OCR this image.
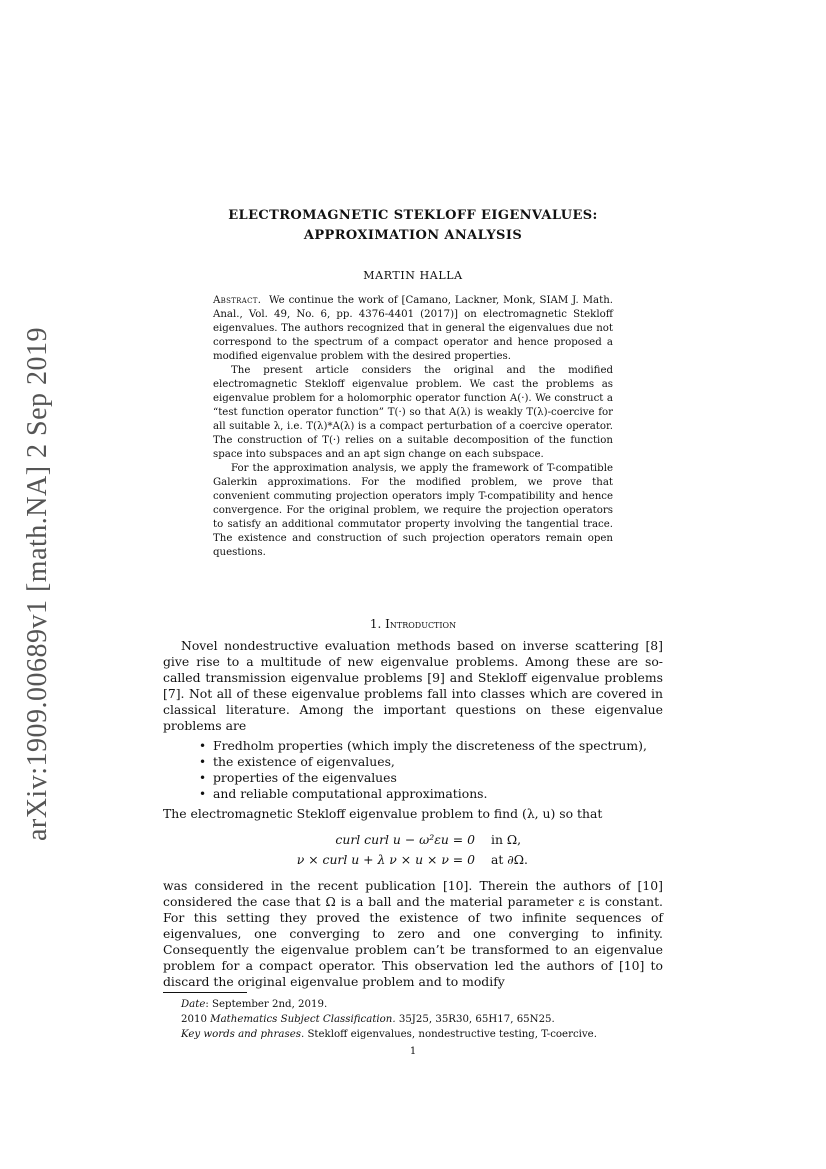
arXiv:1909.00689v1 [math.NA] 2 Sep 2019
ELECTROMAGNETIC STEKLOFF EIGENVALUES:
APPROXIMATION ANALYSIS
MARTIN HALLA

Abstract. We continue the work of [Camano, Lackner, Monk, SIAM J. Math. Anal., Vol. 49, No. 6, pp. 4376-4401 (2017)] on electromagnetic Stekloff eigenvalues. The authors recognized that in general the eigenvalues due not correspond to the spectrum of a compact operator and hence proposed a modified eigenvalue problem with the desired properties.

The present article considers the original and the modified electromagnetic Stekloff eigenvalue problem. We cast the problems as eigenvalue problem for a holomorphic operator function A(·). We construct a “test function operator function” T(·) so that A(λ) is weakly T(λ)-coercive for all suitable λ, i.e. T(λ)*A(λ) is a compact perturbation of a coercive operator. The construction of T(·) relies on a suitable decomposition of the function space into subspaces and an apt sign change on each subspace.

For the approximation analysis, we apply the framework of T-compatible Galerkin approximations. For the modified problem, we prove that convenient commuting projection operators imply T-compatibility and hence convergence. For the original problem, we require the projection operators to satisfy an additional commutator property involving the tangential trace. The existence and construction of such projection operators remain open questions.

1. Introduction

Novel nondestructive evaluation methods based on inverse scattering [8] give rise to a multitude of new eigenvalue problems. Among these are so-called transmission eigenvalue problems [9] and Stekloff eigenvalue problems [7]. Not all of these eigenvalue problems fall into classes which are covered in classical literature. Among the important questions on these eigenvalue problems are

• Fredholm properties (which imply the discreteness of the spectrum),
• the existence of eigenvalues,
• properties of the eigenvalues
• and reliable computational approximations.

The electromagnetic Stekloff eigenvalue problem to find (λ, u) so that

curl curl u − ω²εu = 0	in Ω,
ν × curl u + λ ν × u × ν = 0	at ∂Ω.

was considered in the recent publication [10]. Therein the authors of [10] considered the case that Ω is a ball and the material parameter ε is constant. For this setting they proved the existence of two infinite sequences of eigenvalues, one converging to zero and one converging to infinity. Consequently the eigenvalue problem can’t be transformed to an eigenvalue problem for a compact operator. This observation led the authors of [10] to discard the original eigenvalue problem and to modify

Date: September 2nd, 2019.
2010 Mathematics Subject Classification. 35J25, 35R30, 65H17, 65N25.
Key words and phrases. Stekloff eigenvalues, nondestructive testing, T-coercive.
1
